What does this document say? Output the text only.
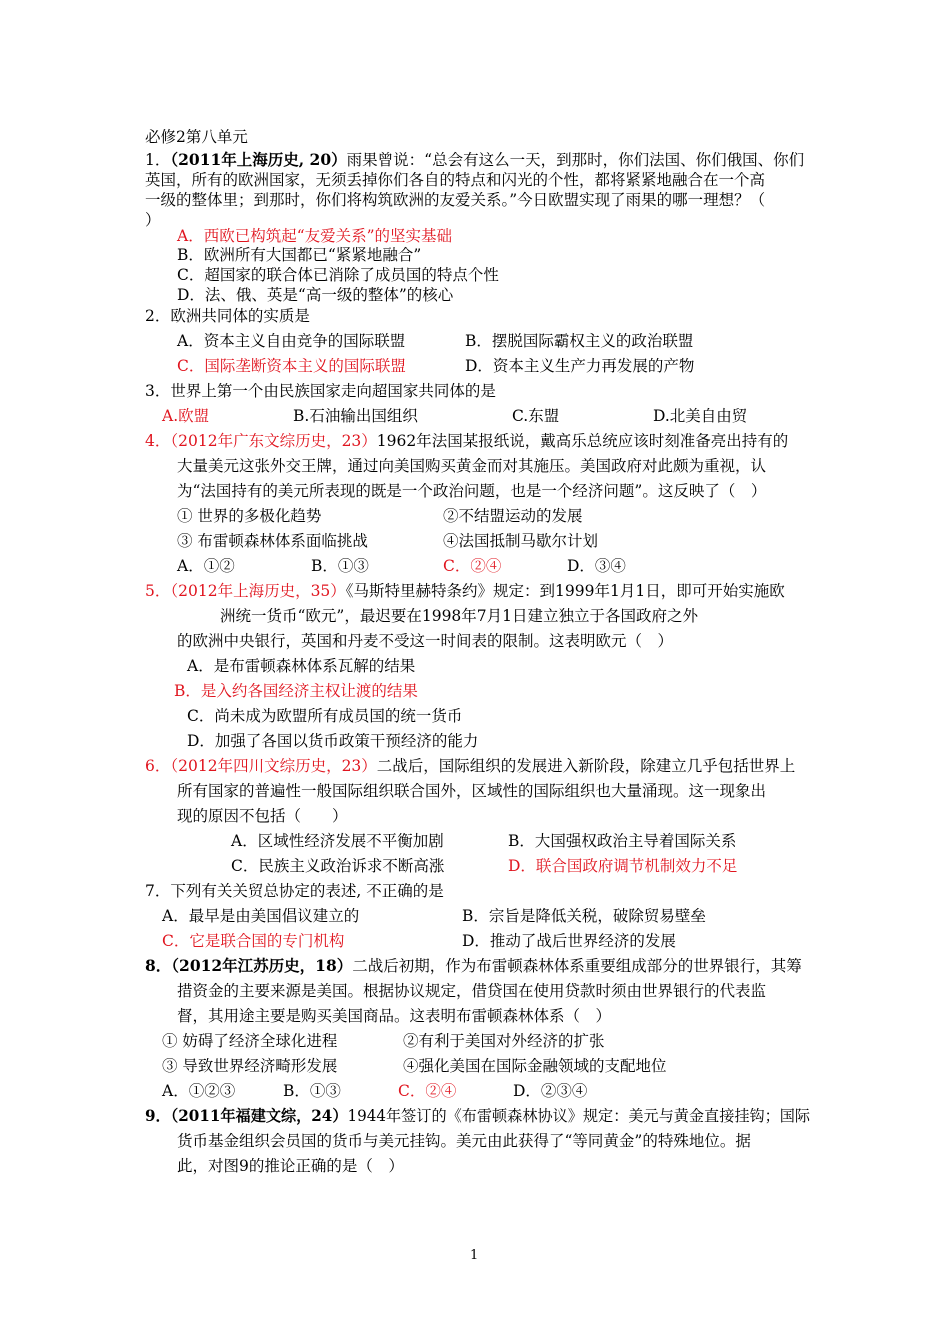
必修2第八单元
1．（2011年上海历史, 20）雨果曾说：“总会有这么一天，到那时，你们法国、你们俄国、你们
英国，所有的欧洲国家，无须丢掉你们各自的特点和闪光的个性，都将紧紧地融合在一个高
一级的整体里；到那时，你们将构筑欧洲的友爱关系。”今日欧盟实现了雨果的哪一理想？（
）
A．西欧已构筑起“友爱关系”的坚实基础
B．欧洲所有大国都已“紧紧地融合”
C．超国家的联合体已消除了成员国的特点个性
D．法、俄、英是“高一级的整体”的核心
2．欧洲共同体的实质是
A．资本主义自由竞争的国际联盟	B．摆脱国际霸权主义的政治联盟
C．国际垄断资本主义的国际联盟	D．资本主义生产力再发展的产物
3．世界上第一个由民族国家走向超国家共同体的是
A.欧盟	B.石油输出国组织	C.东盟	D.北美自由贸
4．（2012年广东文综历史，23）1962年法国某报纸说，戴高乐总统应该时刻准备亮出持有的
大量美元这张外交王牌，通过向美国购买黄金而对其施压。美国政府对此颇为重视，认
为“法国持有的美元所表现的既是一个政治问题，也是一个经济问题”。这反映了（　）
① 世界的多极化趋势	②不结盟运动的发展
③ 布雷顿森林体系面临挑战	④法国抵制马歇尔计划
A．①②	B．①③	C．②④	D．③④
5．（2012年上海历史，35）《马斯特里赫特条约》规定：到1999年1月1日，即可开始实施欧
洲统一货币“欧元”，最迟要在1998年7月1日建立独立于各国政府之外
的欧洲中央银行，英国和丹麦不受这一时间表的限制。这表明欧元（　）
A．是布雷顿森林体系瓦解的结果
B．是入约各国经济主权让渡的结果
C．尚未成为欧盟所有成员国的统一货币
D．加强了各国以货币政策干预经济的能力
6．（2012年四川文综历史，23）二战后，国际组织的发展进入新阶段，除建立几乎包括世界上
所有国家的普遍性一般国际组织联合国外，区域性的国际组织也大量涌现。这一现象出
现的原因不包括（　　）
A．区域性经济发展不平衡加剧	B．大国强权政治主导着国际关系
C．民族主义政治诉求不断高涨	D．联合国政府调节机制效力不足
7．下列有关关贸总协定的表述, 不正确的是
A．最早是由美国倡议建立的	B．宗旨是降低关税，破除贸易壁垒
C．它是联合国的专门机构	D．推动了战后世界经济的发展
8．（2012年江苏历史，18）二战后初期，作为布雷顿森林体系重要组成部分的世界银行，其筹
措资金的主要来源是美国。根据协议规定，借贷国在使用贷款时须由世界银行的代表监
督，其用途主要是购买美国商品。这表明布雷顿森林体系（　）
① 妨碍了经济全球化进程	②有利于美国对外经济的扩张
③ 导致世界经济畸形发展	④强化美国在国际金融领域的支配地位
A．①②③	B．①③	C．②④	D．②③④
9．（2011年福建文综，24）1944年签订的《布雷顿森林协议》规定：美元与黄金直接挂钩；国际
货币基金组织会员国的货币与美元挂钩。美元由此获得了“等同黄金”的特殊地位。据
此，对图9的推论正确的是（　）
1
